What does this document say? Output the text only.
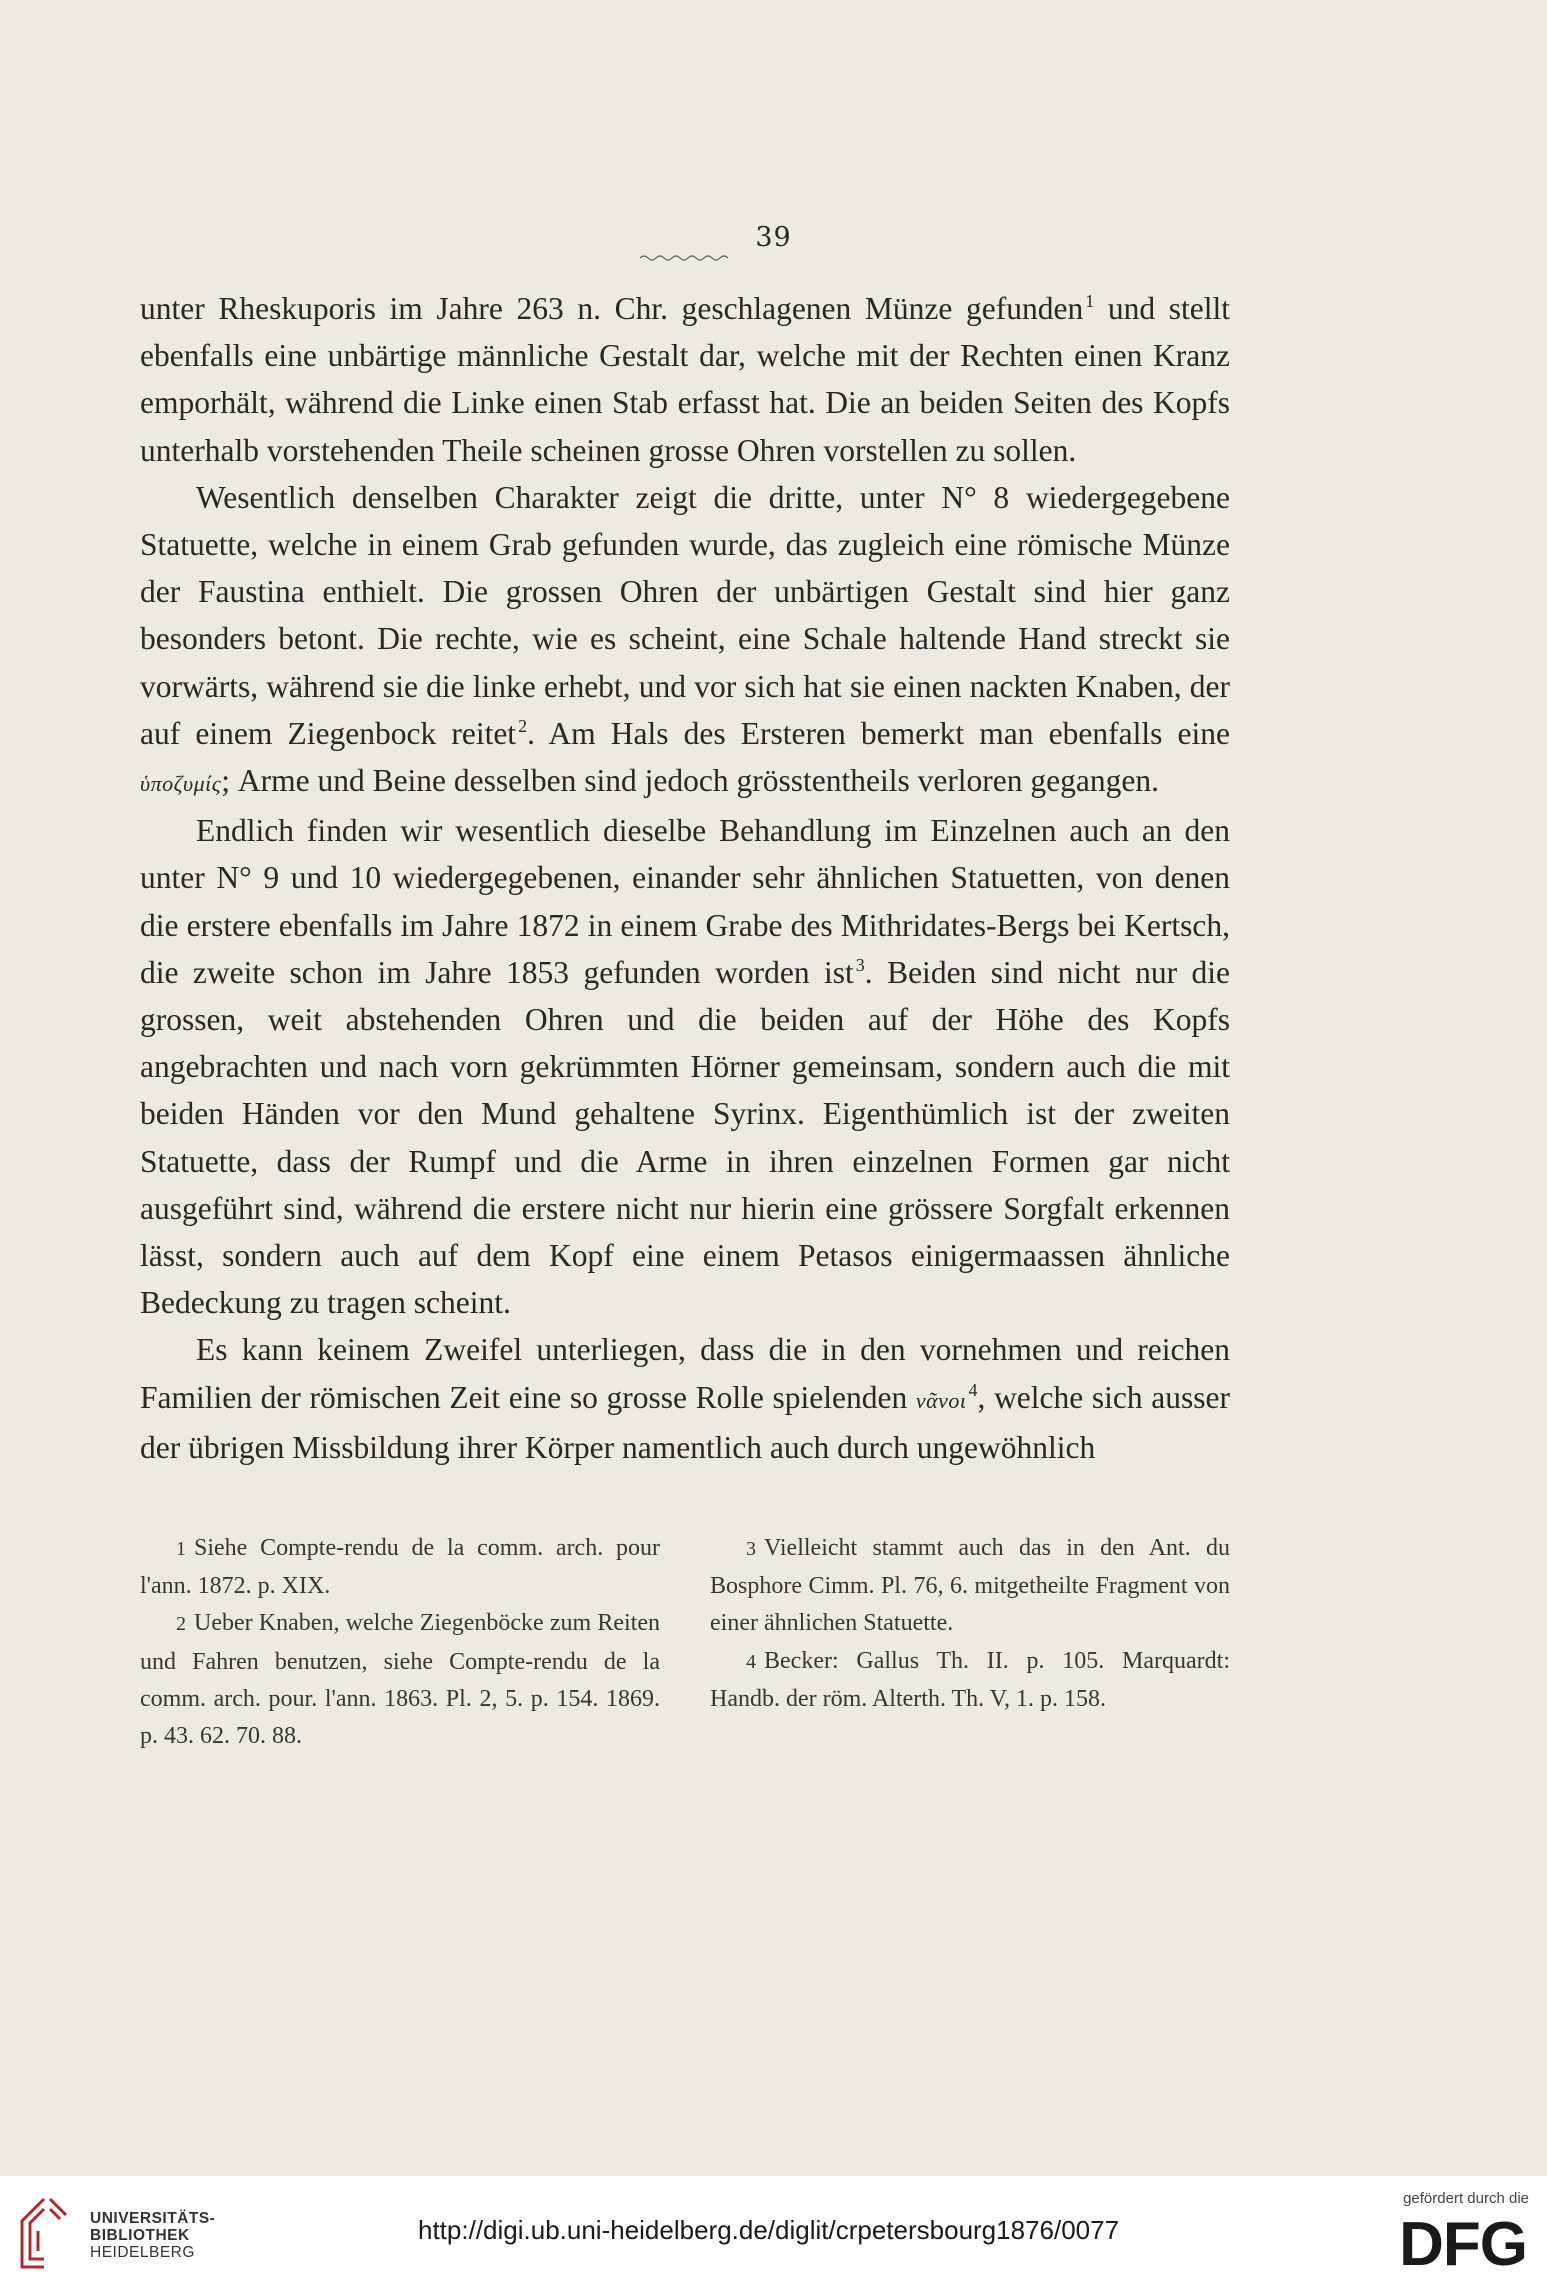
39

unter Rheskuporis im Jahre 263 n. Chr. geschlagenen Münze gefunden $^1$ und stellt ebenfalls eine unbärtige männliche Gestalt dar, welche mit der Rechten einen Kranz emporhält, während die Linke einen Stab erfasst hat. Die an beiden Seiten des Kopfs unterhalb vorstehenden Theile scheinen grosse Ohren vorstellen zu sollen.

Wesentlich denselben Charakter zeigt die dritte, unter N° 8 wiedergegebene Statuette, welche in einem Grab gefunden wurde, das zugleich eine römische Münze der Faustina enthielt. Die grossen Ohren der unbärtigen Gestalt sind hier ganz besonders betont. Die rechte, wie es scheint, eine Schale haltende Hand streckt sie vorwärts, während sie die linke erhebt, und vor sich hat sie einen nackten Knaben, der auf einem Ziegenbock reitet $^2$. Am Hals des Ersteren bemerkt man ebenfalls eine ὑποζυμίς; Arme und Beine desselben sind jedoch grösstentheils verloren gegangen.

Endlich finden wir wesentlich dieselbe Behandlung im Einzelnen auch an den unter N° 9 und 10 wiedergegebenen, einander sehr ähnlichen Statuetten, von denen die erstere ebenfalls im Jahre 1872 in einem Grabe des Mithridates-Bergs bei Kertsch, die zweite schon im Jahre 1853 gefunden worden ist $^3$. Beiden sind nicht nur die grossen, weit abstehenden Ohren und die beiden auf der Höhe des Kopfs angebrachten und nach vorn gekrümmten Hörner gemeinsam, sondern auch die mit beiden Händen vor den Mund gehaltene Syrinx. Eigenthümlich ist der zweiten Statuette, dass der Rumpf und die Arme in ihren einzelnen Formen gar nicht ausgeführt sind, während die erstere nicht nur hierin eine grössere Sorgfalt erkennen lässt, sondern auch auf dem Kopf eine einem Petasos einigermaassen ähnliche Bedeckung zu tragen scheint.

Es kann keinem Zweifel unterliegen, dass die in den vornehmen und reichen Familien der römischen Zeit eine so grosse Rolle spielenden νᾶνοι $^4$, welche sich ausser der übrigen Missbildung ihrer Körper namentlich auch durch ungewöhnlich

1 Siehe Compte-rendu de la comm. arch. pour l'ann. 1872. p. XIX.

2 Ueber Knaben, welche Ziegenböcke zum Reiten und Fahren benutzen, siehe Compte-rendu de la comm. arch. pour. l'ann. 1863. Pl. 2, 5. p. 154. 1869. p. 43. 62. 70. 88.

3 Vielleicht stammt auch das in den Ant. du Bosphore Cimm. Pl. 76, 6. mitgetheilte Fragment von einer ähnlichen Statuette.

4 Becker: Gallus Th. II. p. 105. Marquardt: Handb. der röm. Alterth. Th. V, 1. p. 158.

UNIVERSITÄTS-
BIBLIOTHEK
HEIDELBERG
http://digi.ub.uni-heidelberg.de/diglit/crpetersbourg1876/0077
gefördert durch die
DFG
